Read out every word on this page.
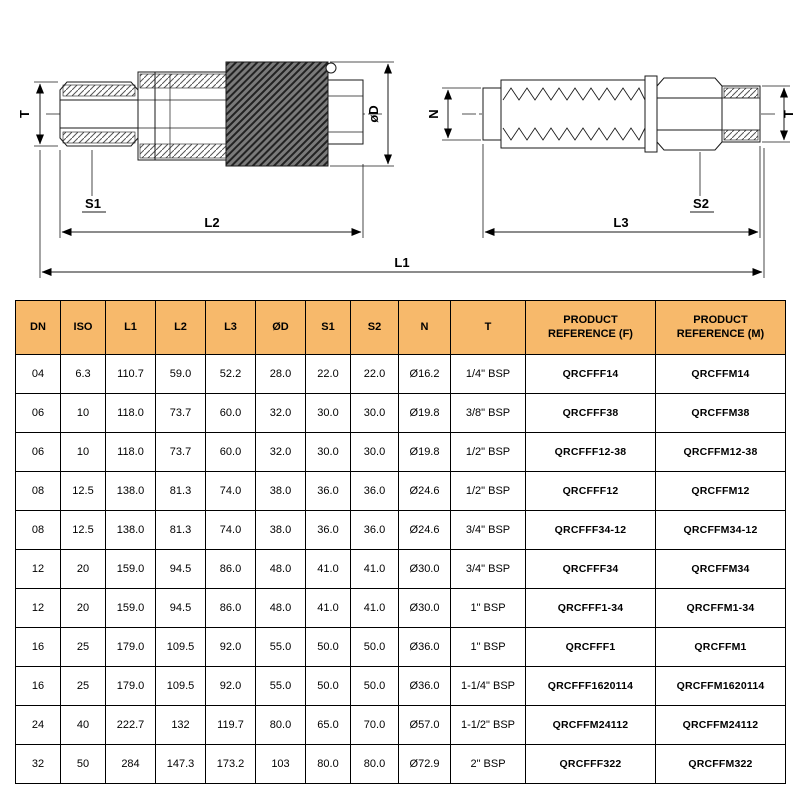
T
S1
L2
øD	N
S2
L3
T
L1
DN	ISO	L1	L2	L3	ØD	S1	S2	N	T	PRODUCT REFERENCE (F)	PRODUCT REFERENCE (M)
04	6.3	110.7	59.0	52.2	28.0	22.0	22.0	Ø16.2	1/4" BSP	QRCFFF14	QRCFFM14
06	10	118.0	73.7	60.0	32.0	30.0	30.0	Ø19.8	3/8" BSP	QRCFFF38	QRCFFM38
06	10	118.0	73.7	60.0	32.0	30.0	30.0	Ø19.8	1/2" BSP	QRCFFF12-38	QRCFFM12-38
08	12.5	138.0	81.3	74.0	38.0	36.0	36.0	Ø24.6	1/2" BSP	QRCFFF12	QRCFFM12
08	12.5	138.0	81.3	74.0	38.0	36.0	36.0	Ø24.6	3/4" BSP	QRCFFF34-12	QRCFFM34-12
12	20	159.0	94.5	86.0	48.0	41.0	41.0	Ø30.0	3/4" BSP	QRCFFF34	QRCFFM34
12	20	159.0	94.5	86.0	48.0	41.0	41.0	Ø30.0	1" BSP	QRCFFF1-34	QRCFFM1-34
16	25	179.0	109.5	92.0	55.0	50.0	50.0	Ø36.0	1" BSP	QRCFFF1	QRCFFM1
16	25	179.0	109.5	92.0	55.0	50.0	50.0	Ø36.0	1-1/4" BSP	QRCFFF1620114	QRCFFM1620114
24	40	222.7	132	119.7	80.0	65.0	70.0	Ø57.0	1-1/2" BSP	QRCFFM24112	QRCFFM24112
32	50	284	147.3	173.2	103	80.0	80.0	Ø72.9	2" BSP	QRCFFF322	QRCFFM322
